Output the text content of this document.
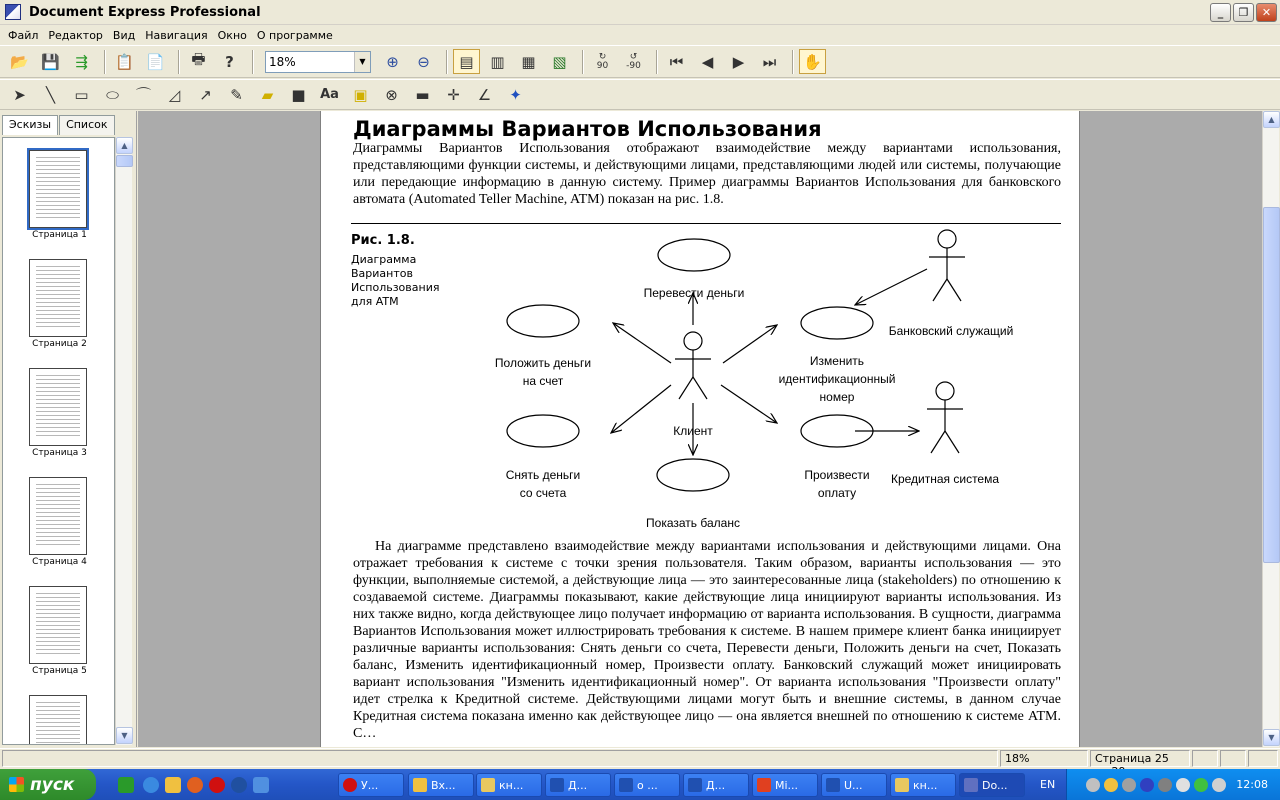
Document Express Professional	_	❐	✕
Файл Редактор Вид Навигация Окно О программе
📂 💾	⇶	📋 📄	🖶	?	18%	▼	⊕	⊖	▤	▥	▦	▧	↻
90
↺
-90	⏮	◀	▶	⏭	✋
➤	╲	▭	⬭	⌒	◿	↗	✎	▰	■	Aa ▣	⊗	▬	✛	∠	✦
Эскизы	Список
Страница 1
Страница 2
Страница 3
Страница 4
Страница 5
▲
▼
Диаграммы Вариантов Использования
Диаграммы Вариантов Использования отображают взаимодействие между вариантами использования, представляющими функции системы, и действующими лицами, представляющими людей или системы, получающие или передающие информацию в данную систему. Пример диаграммы Вариантов Использования для банковского автомата (Automated Teller Machine, ATM) показан на рис. 1.8.
Рис. 1.8.
Диаграмма Вариантов Использования для ATM
Перевести деньги
Положить деньги
на счет
Изменить
идентификационный
номер
Снять деньги
со счета
Показать баланс
Произвести
оплату
Клиент
Банковский служащий
Кредитная система
На диаграмме представлено взаимодействие между вариантами использования и действующими лицами. Она отражает требования к системе с точки зрения пользователя. Таким образом, варианты использования — это функции, выполняемые системой, а действующие лица — это заинтересованные лица (stakeholders) по отношению к создаваемой системе. Диаграммы показывают, какие действующие лица инициируют варианты использования. Из них также видно, когда действующее лицо получает информацию от варианта использования. В сущности, диаграмма Вариантов Использования может иллюстрировать требования к системе. В нашем примере клиент банка инициирует различные варианты использования: Снять деньги со счета, Перевести деньги, Положить деньги на счет, Показать баланс, Изменить идентификационный номер, Произвести оплату. Банковский служащий может инициировать вариант использования "Изменить идентификационный номер". От варианта использования "Произвести оплату" идет стрелка к Кредитной системе. Действующими лицами могут быть и внешние системы, в данном случае Кредитная система показана именно как действующее лицо — она является внешней по отношению к системе ATM. С…
▲
▼
18%	Страница 25
пуск	У...	Вх...	кн...	Д...	о ...	Д...	Mi...	U...	кн...	Do...	EN	12:08
